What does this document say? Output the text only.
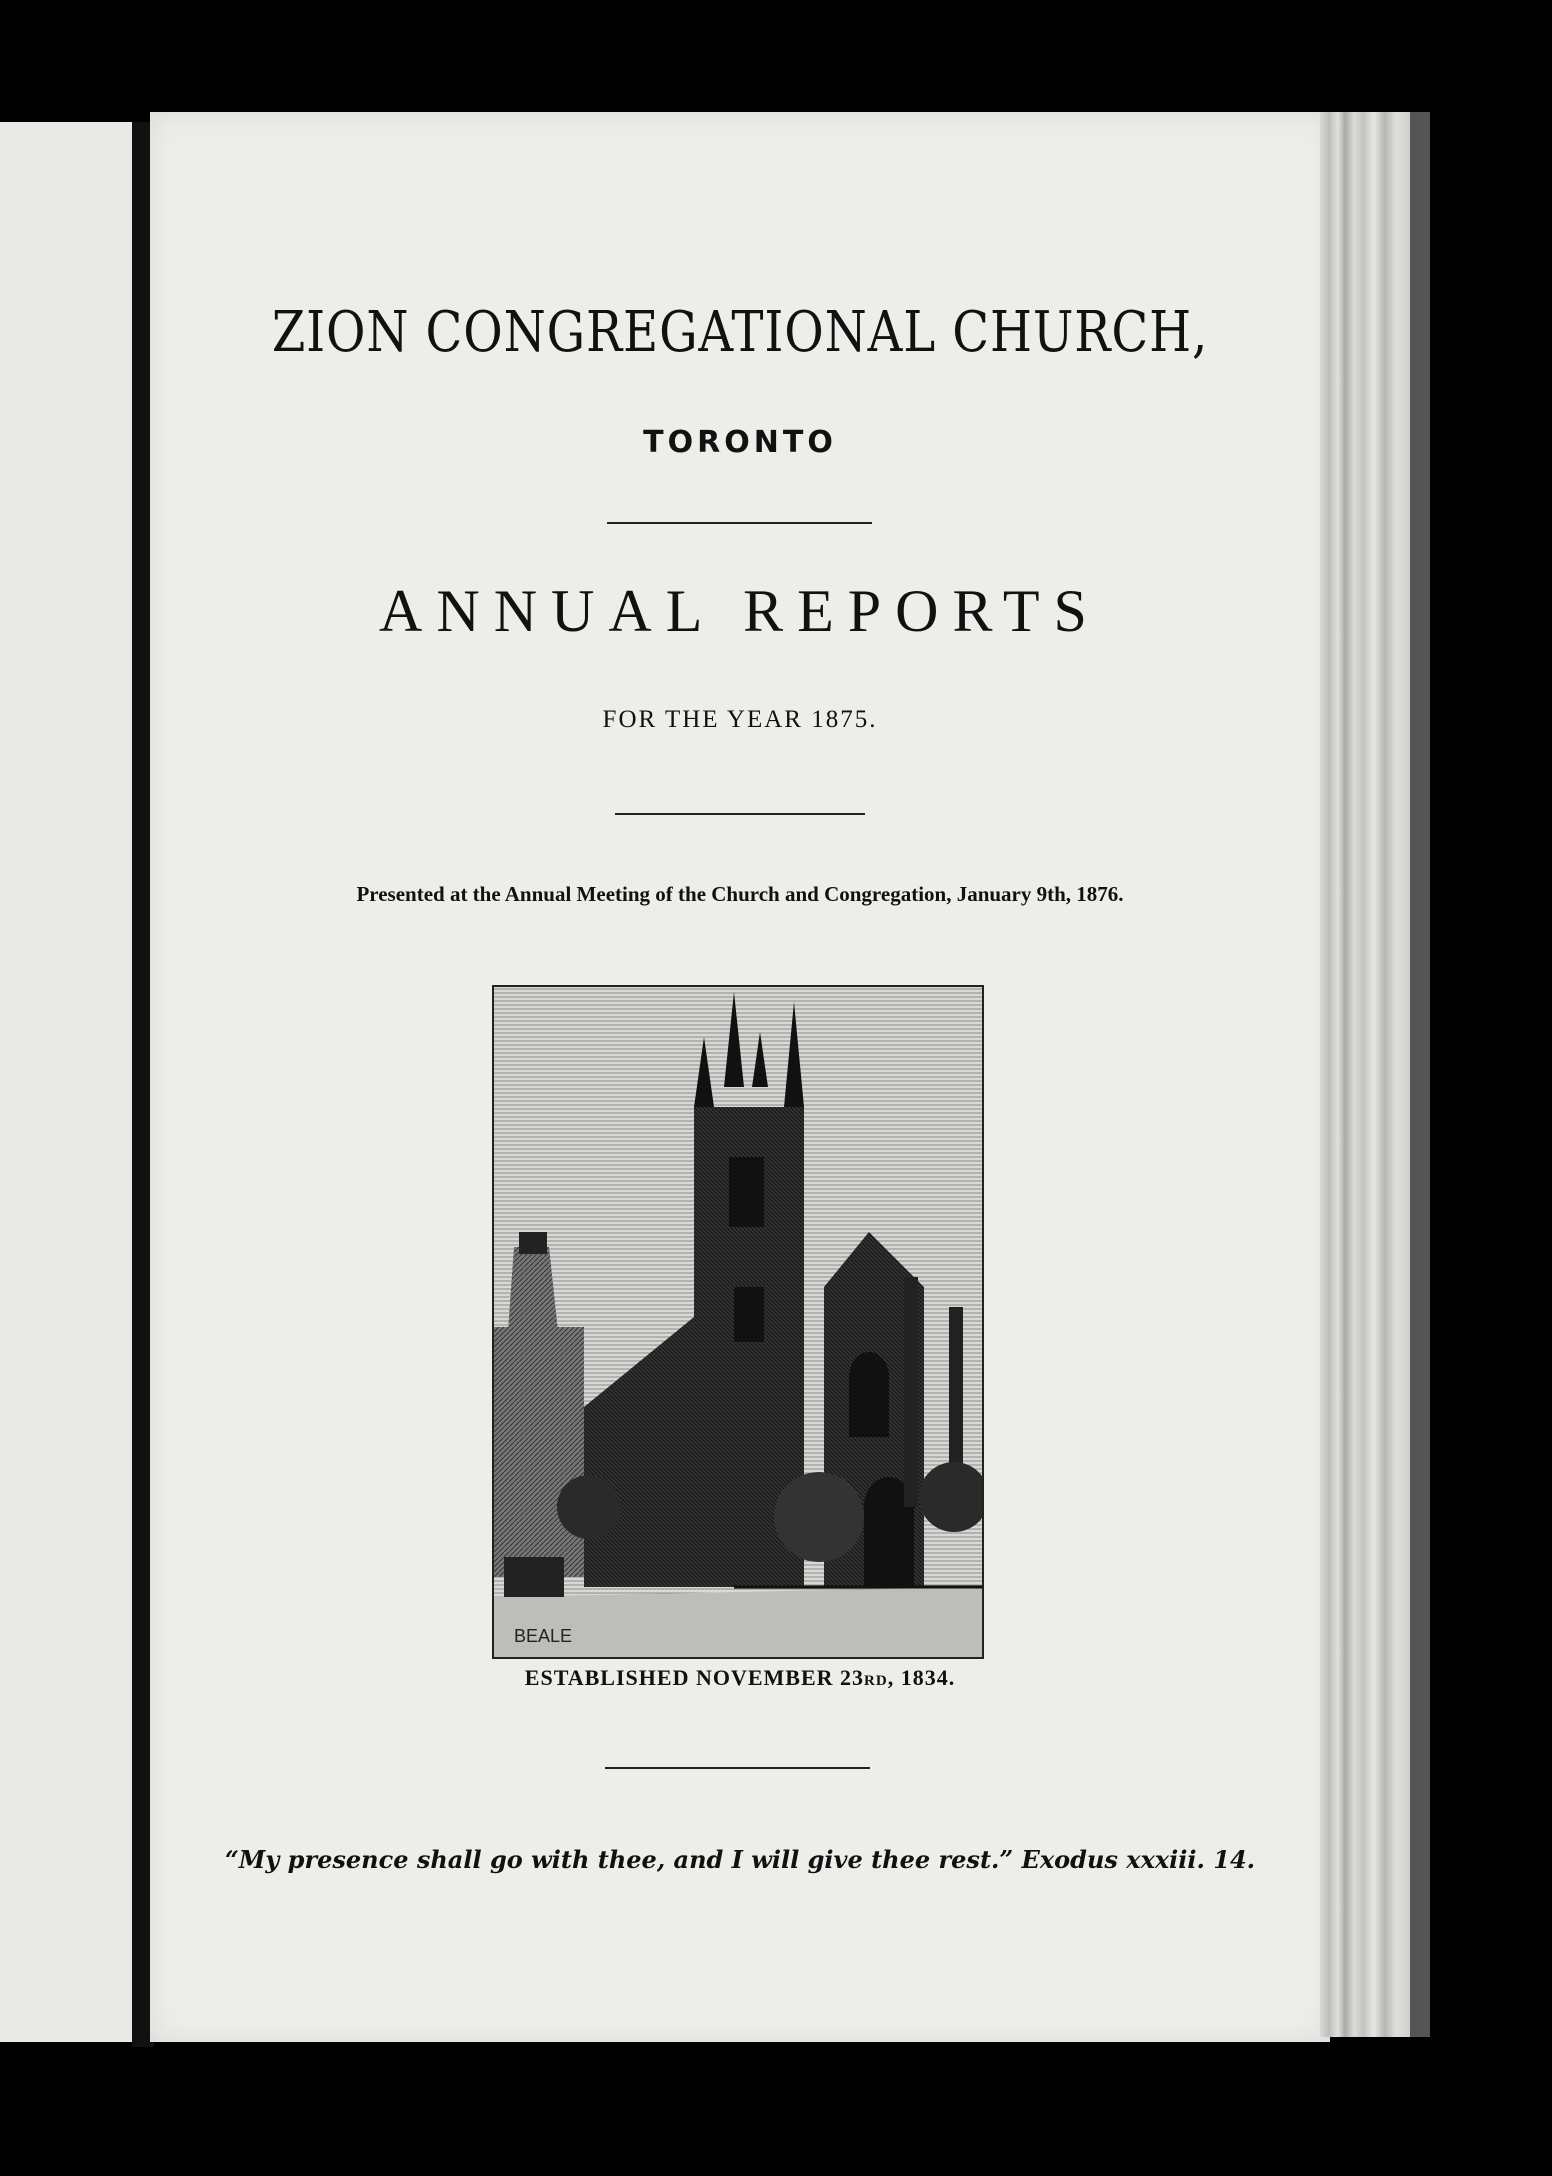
ZION CONGREGATIONAL CHURCH,
TORONTO
ANNUAL REPORTS
FOR THE YEAR 1875.
Presented at the Annual Meeting of the Church and Congregation, January 9th, 1876.
BEALE
ESTABLISHED NOVEMBER 23RD, 1834.
“My presence shall go with thee, and I will give thee rest.” Exodus xxxiii. 14.
